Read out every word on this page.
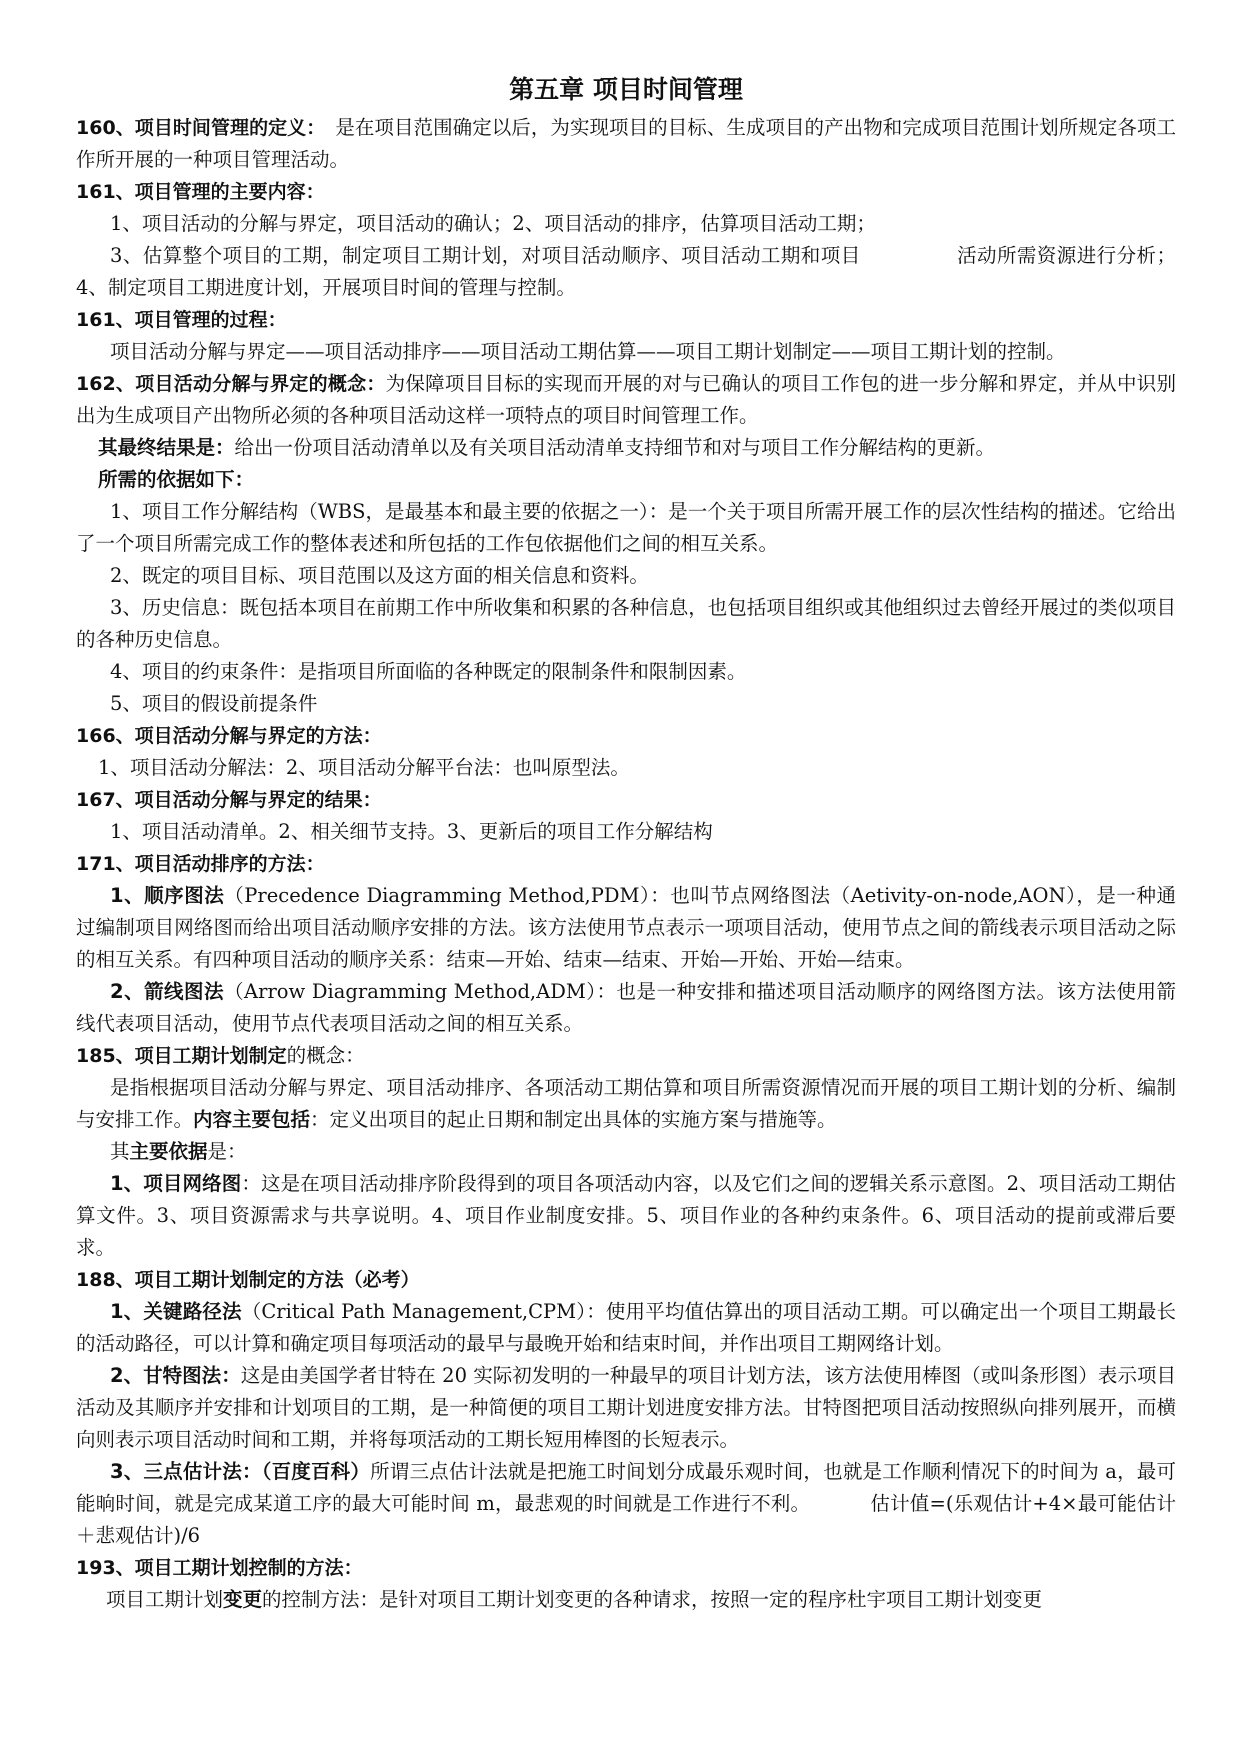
第五章 项目时间管理

160、项目时间管理的定义：　是在项目范围确定以后，为实现项目的目标、生成项目的产出物和完成项目范围计划所规定各项工作所开展的一种项目管理活动。

161、项目管理的主要内容：

1、项目活动的分解与界定，项目活动的确认；2、项目活动的排序，估算项目活动工期；

3、估算整个项目的工期，制定项目工期计划，对项目活动顺序、项目活动工期和项目	活动所需资源进行分析；4、制定项目工期进度计划，开展项目时间的管理与控制。

161、项目管理的过程：

项目活动分解与界定——项目活动排序——项目活动工期估算——项目工期计划制定——项目工期计划的控制。

162、项目活动分解与界定的概念：为保障项目目标的实现而开展的对与已确认的项目工作包的进一步分解和界定，并从中识别出为生成项目产出物所必须的各种项目活动这样一项特点的项目时间管理工作。

其最终结果是：给出一份项目活动清单以及有关项目活动清单支持细节和对与项目工作分解结构的更新。

所需的依据如下：

1、项目工作分解结构（WBS，是最基本和最主要的依据之一）：是一个关于项目所需开展工作的层次性结构的描述。它给出了一个项目所需完成工作的整体表述和所包括的工作包依据他们之间的相互关系。

2、既定的项目目标、项目范围以及这方面的相关信息和资料。

3、历史信息：既包括本项目在前期工作中所收集和积累的各种信息，也包括项目组织或其他组织过去曾经开展过的类似项目的各种历史信息。

4、项目的约束条件：是指项目所面临的各种既定的限制条件和限制因素。

5、项目的假设前提条件

166、项目活动分解与界定的方法：

1、项目活动分解法：2、项目活动分解平台法：也叫原型法。

167、项目活动分解与界定的结果：

1、项目活动清单。2、相关细节支持。3、更新后的项目工作分解结构

171、项目活动排序的方法：

1、顺序图法（Precedence Diagramming Method,PDM）：也叫节点网络图法（Aetivity-on-node,AON），是一种通过编制项目网络图而给出项目活动顺序安排的方法。该方法使用节点表示一项项目活动，使用节点之间的箭线表示项目活动之际的相互关系。有四种项目活动的顺序关系：结束—开始、结束—结束、开始—开始、开始—结束。

2、箭线图法（Arrow Diagramming Method,ADM）：也是一种安排和描述项目活动顺序的网络图方法。该方法使用箭线代表项目活动，使用节点代表项目活动之间的相互关系。

185、项目工期计划制定的概念：

是指根据项目活动分解与界定、项目活动排序、各项活动工期估算和项目所需资源情况而开展的项目工期计划的分析、编制与安排工作。内容主要包括：定义出项目的起止日期和制定出具体的实施方案与措施等。

其主要依据是：

1、项目网络图：这是在项目活动排序阶段得到的项目各项活动内容，以及它们之间的逻辑关系示意图。2、项目活动工期估算文件。3、项目资源需求与共享说明。4、项目作业制度安排。5、项目作业的各种约束条件。6、项目活动的提前或滞后要求。

188、项目工期计划制定的方法（必考）

1、关键路径法（Critical Path Management,CPM）：使用平均值估算出的项目活动工期。可以确定出一个项目工期最长的活动路径，可以计算和确定项目每项活动的最早与最晚开始和结束时间，并作出项目工期网络计划。

2、甘特图法：这是由美国学者甘特在 20 实际初发明的一种最早的项目计划方法，该方法使用棒图（或叫条形图）表示项目活动及其顺序并安排和计划项目的工期，是一种简便的项目工期计划进度安排方法。甘特图把项目活动按照纵向排列展开，而横向则表示项目活动时间和工期，并将每项活动的工期长短用棒图的长短表示。

3、三点估计法：（百度百科）所谓三点估计法就是把施工时间划分成最乐观时间，也就是工作顺利情况下的时间为 a，最可能晌时间，就是完成某道工序的最大可能时间 m，最悲观的时间就是工作进行不利。	估计值=(乐观估计+4×最可能估计＋悲观估计)/6

193、项目工期计划控制的方法：

项目工期计划变更的控制方法：是针对项目工期计划变更的各种请求，按照一定的程序杜宇项目工期计划变更
